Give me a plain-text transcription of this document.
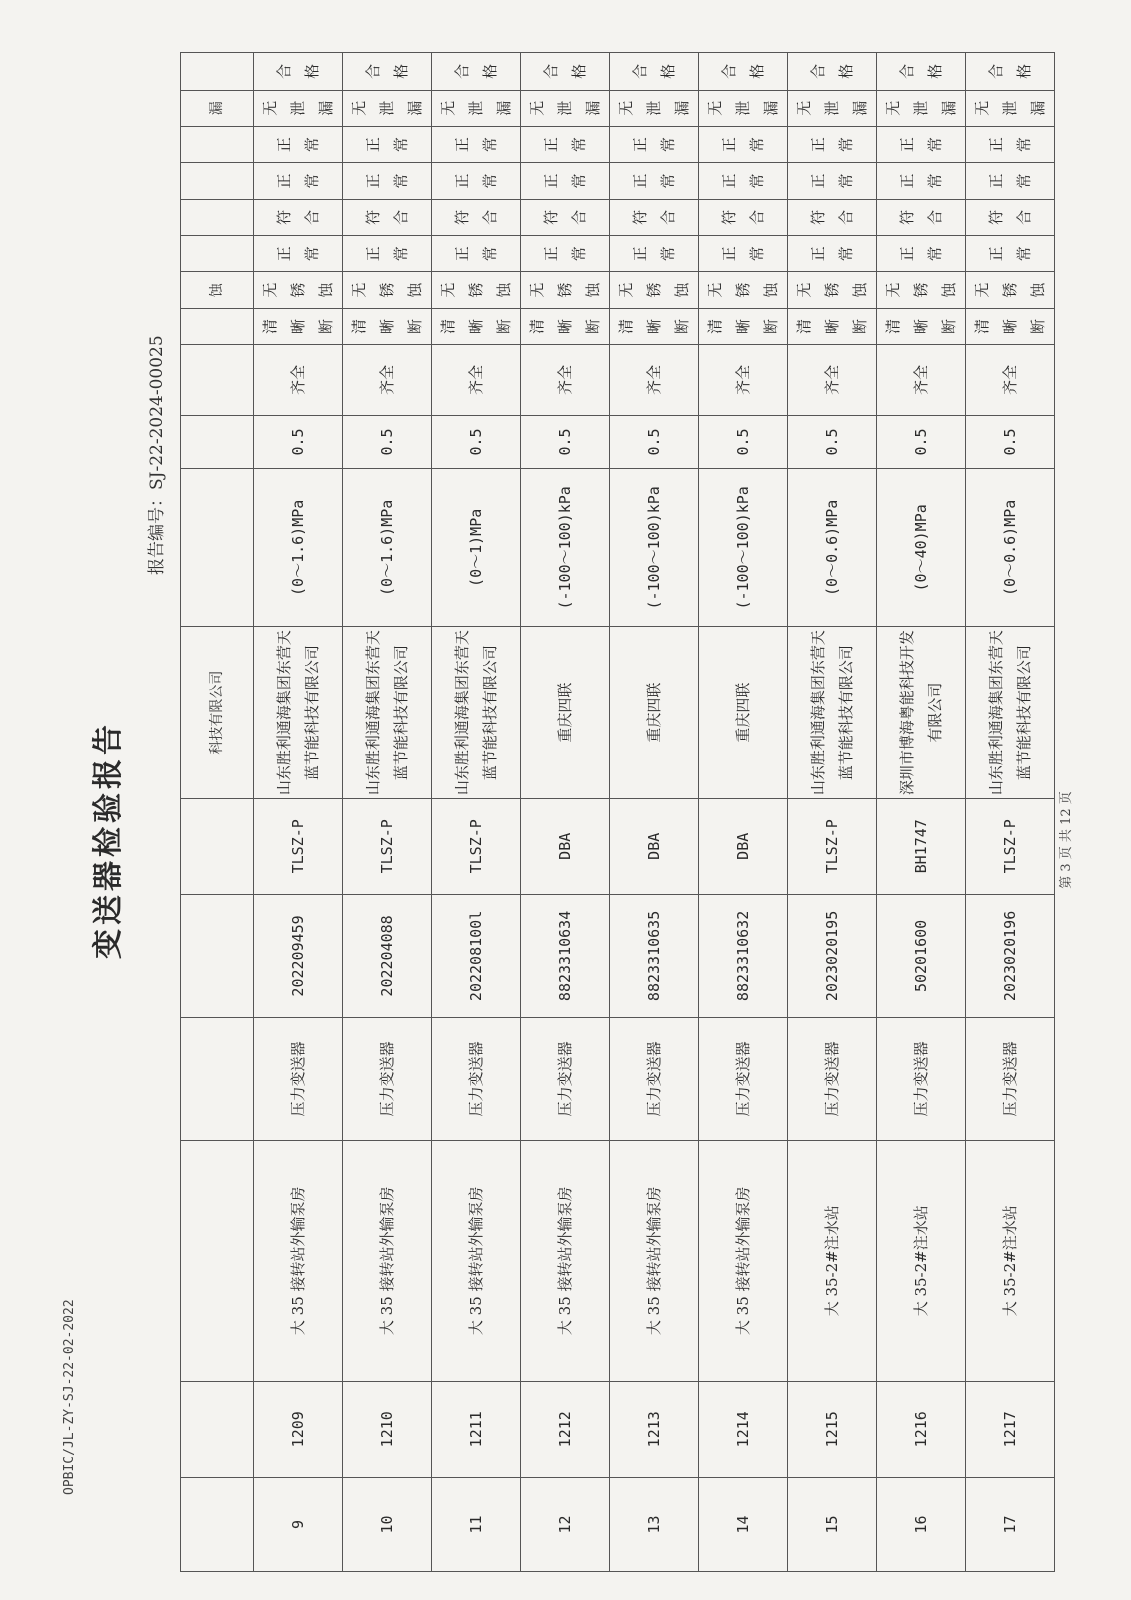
OPBIC/JL-ZY-SJ-22-02-2022
变送器检验报告
报告编号：SJ-22-2024-00025
						科技有限公司					蚀					漏	
9	1209	大 35 接转站外输泵房	压力变送器	202209459	TLSZ-P	山东胜利通海集团东营天蓝节能科技有限公司	(0～1.6)MPa	0.5	齐全	清晰断	无锈蚀	正常	符合	正常	正常	无泄漏	合格

10	1210	大 35 接转站外输泵房	压力变送器	202204088	TLSZ-P	山东胜利通海集团东营天蓝节能科技有限公司	(0～1.6)MPa	0.5	齐全	清晰断	无锈蚀	正常	符合	正常	正常	无泄漏	合格

11	1211	大 35 接转站外输泵房	压力变送器	202208100l	TLSZ-P	山东胜利通海集团东营天蓝节能科技有限公司	(0～1)MPa	0.5	齐全	清晰断	无锈蚀	正常	符合	正常	正常	无泄漏	合格

12	1212	大 35 接转站外输泵房	压力变送器	8823310634	DBA	重庆四联	(-100～100)kPa	0.5	齐全	清晰断	无锈蚀	正常	符合	正常	正常	无泄漏	合格

13	1213	大 35 接转站外输泵房	压力变送器	8823310635	DBA	重庆四联	(-100～100)kPa	0.5	齐全	清晰断	无锈蚀	正常	符合	正常	正常	无泄漏	合格

14	1214	大 35 接转站外输泵房	压力变送器	8823310632	DBA	重庆四联	(-100～100)kPa	0.5	齐全	清晰断	无锈蚀	正常	符合	正常	正常	无泄漏	合格

15	1215	大 35-2#注水站	压力变送器	2023020195	TLSZ-P	山东胜利通海集团东营天蓝节能科技有限公司	(0～0.6)MPa	0.5	齐全	清晰断	无锈蚀	正常	符合	正常	正常	无泄漏	合格

16	1216	大 35-2#注水站	压力变送器	50201600	BH1747	深圳市博海粤能科技开发有限公司	(0～40)MPa	0.5	齐全	清晰断	无锈蚀	正常	符合	正常	正常	无泄漏	合格

17	1217	大 35-2#注水站	压力变送器	2023020196	TLSZ-P	山东胜利通海集团东营天蓝节能科技有限公司	(0～0.6)MPa	0.5	齐全	清晰断	无锈蚀	正常	符合	正常	正常	无泄漏	合格
第 3 页 共 12 页
